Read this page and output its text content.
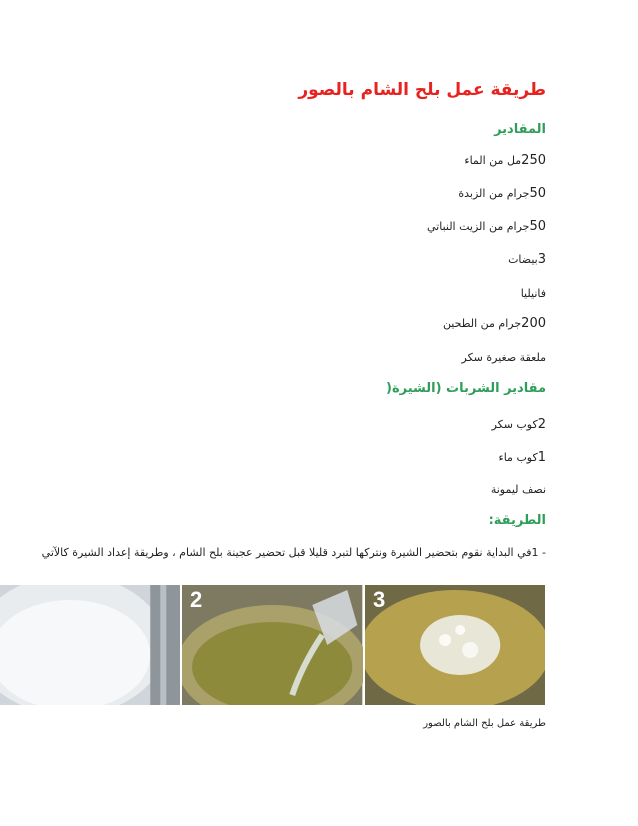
طريقة عمل بلح الشام بالصور
المقادير
250مل من الماء
50جرام من الزبدة
50جرام من الزيت النباتي
3بيضات
فانيليا
200جرام من الطحين
ملعقة صغيرة سكر
مقادير الشربات (الشيرة(
2كوب سكر
1كوب ماء
نصف ليمونة
الطريقة:
- 1في البداية نقوم بتحضير الشيرة ونتركها لتبرد قليلا قبل تحضير عجينة بلح الشام ، وطريقة إعداد الشيرة كالآتي
2	3
طريقة عمل بلح الشام بالصور
